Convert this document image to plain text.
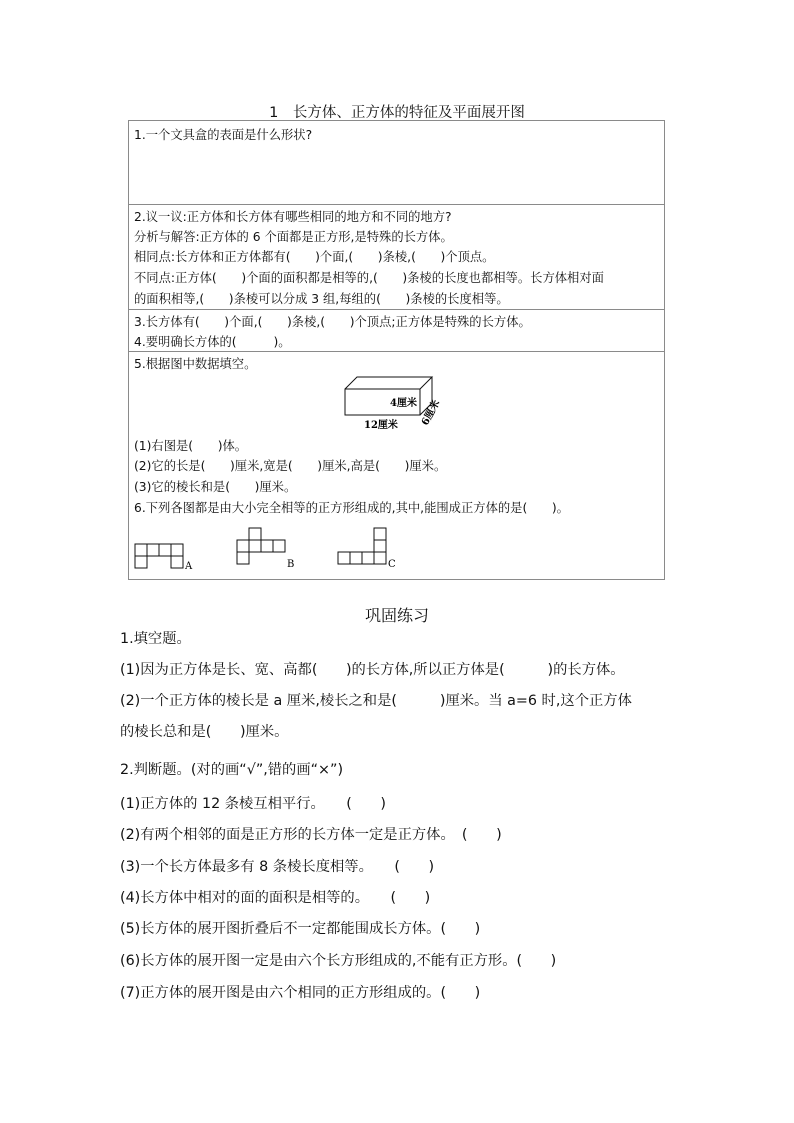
1　长方体、正方体的特征及平面展开图
1.一个文具盒的表面是什么形状?
2.议一议:正方体和长方体有哪些相同的地方和不同的地方?
分析与解答:正方体的 6 个面都是正方形,是特殊的长方体。
相同点:长方体和正方体都有(　　)个面,(　　)条棱,(　　)个顶点。
不同点:正方体(　　)个面的面积都是相等的,(　　)条棱的长度也都相等。长方体相对面
的面积相等,(　　)条棱可以分成 3 组,每组的(　　)条棱的长度相等。
3.长方体有(　　)个面,(　　)条棱,(　　)个顶点;正方体是特殊的长方体。
4.要明确长方体的(　　　)。
5.根据图中数据填空。
4厘米
12厘米 6厘米
(1)右图是(　　)体。
(2)它的长是(　　)厘米,宽是(　　)厘米,高是(　　)厘米。
(3)它的棱长和是(　　)厘米。
6.下列各图都是由大小完全相等的正方形组成的,其中,能围成正方体的是(　　)。
A	B	C
巩固练习
1.填空题。
(1)因为正方体是长、宽、高都(　　)的长方体,所以正方体是(　　　)的长方体。
(2)一个正方体的棱长是 a 厘米,棱长之和是(　　　)厘米。当 a=6 时,这个正方体
的棱长总和是(　　)厘米。
2.判断题。(对的画“√”,错的画“×”)
(1)正方体的 12 条棱互相平行。　　(　　)
(2)有两个相邻的面是正方形的长方体一定是正方体。　(　　)
(3)一个长方体最多有 8 条棱长度相等。　　(　　)
(4)长方体中相对的面的面积是相等的。　　(　　)
(5)长方体的展开图折叠后不一定都能围成长方体。(　　)
(6)长方体的展开图一定是由六个长方形组成的,不能有正方形。(　　)
(7)正方体的展开图是由六个相同的正方形组成的。(　　)
